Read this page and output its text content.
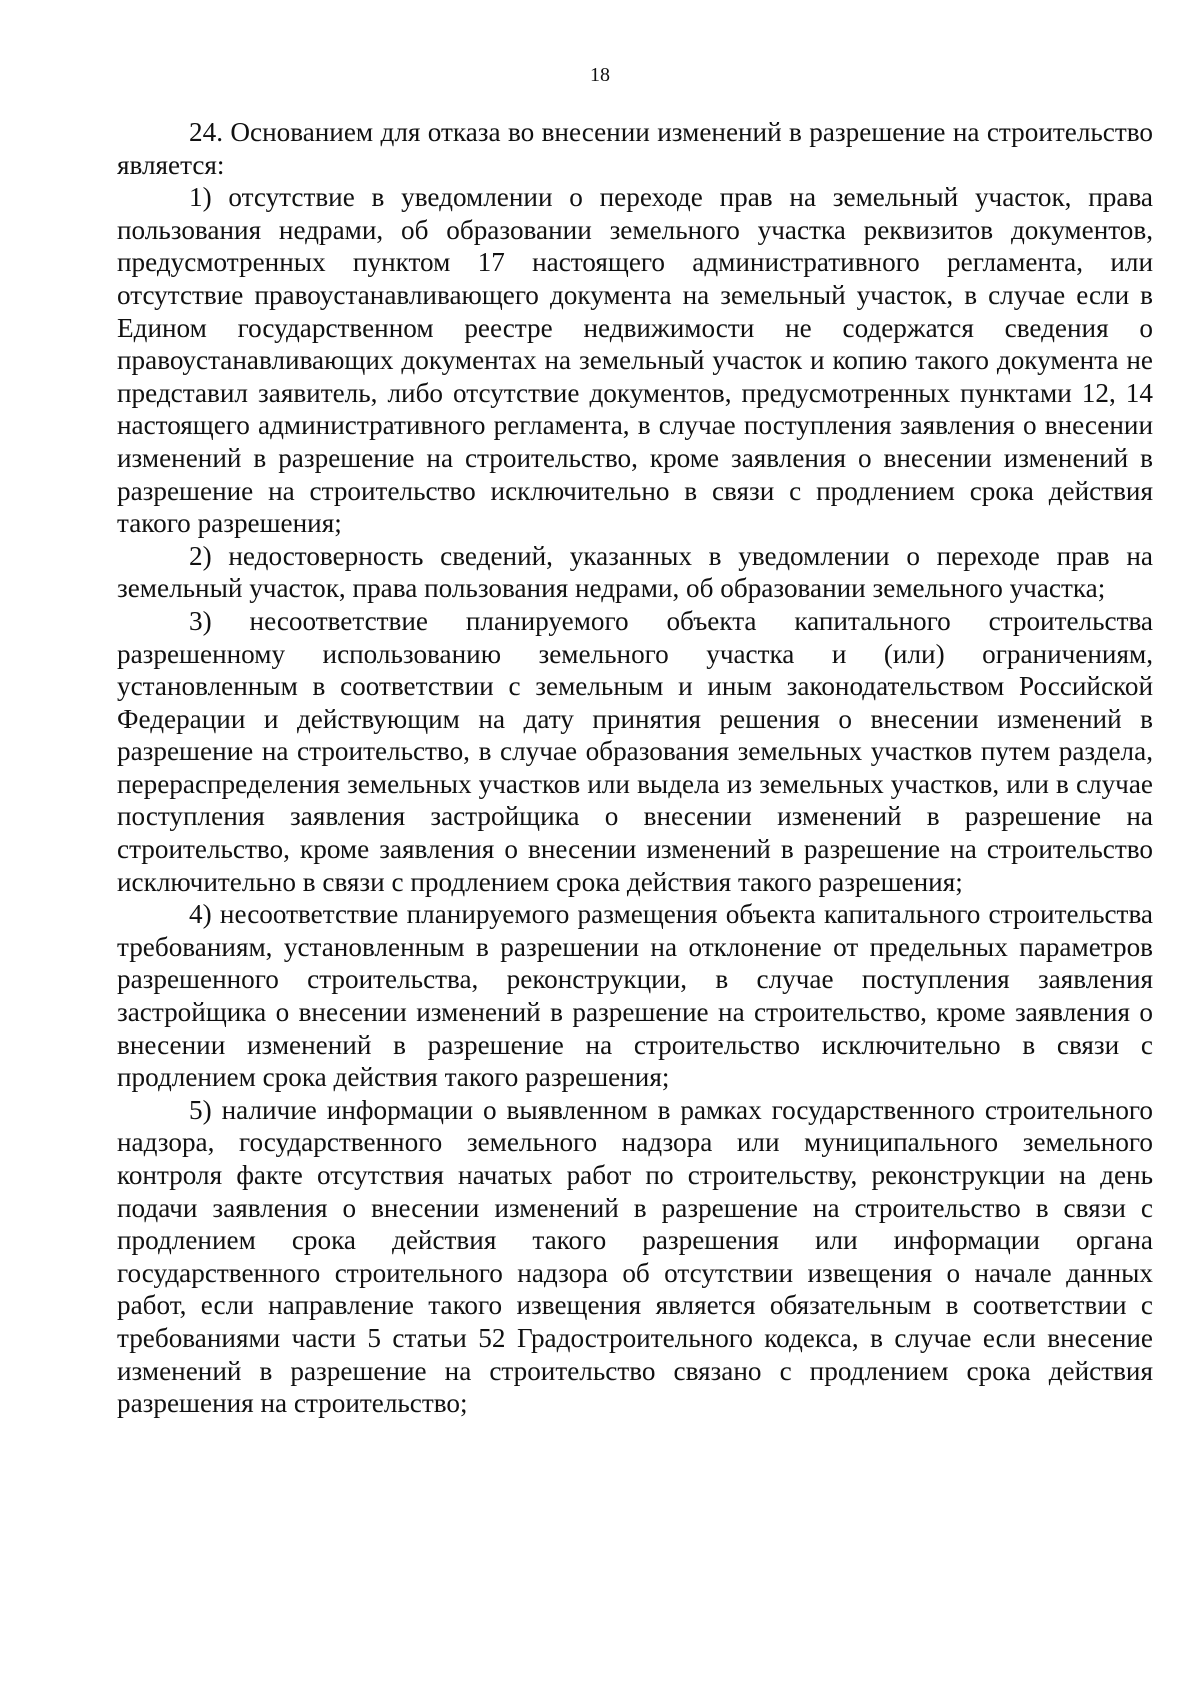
18

24. Основанием для отказа во внесении изменений в разрешение на строительство является:

1) отсутствие в уведомлении о переходе прав на земельный участок, права пользования недрами, об образовании земельного участка реквизитов документов, предусмотренных пунктом 17 настоящего административного регламента, или отсутствие правоустанавливающего документа на земельный участок, в случае если в Едином государственном реестре недвижимости не содержатся сведения о правоустанавливающих документах на земельный участок и копию такого документа не представил заявитель, либо отсутствие документов, предусмотренных пунктами 12, 14 настоящего административного регламента, в случае поступления заявления о внесении изменений в разрешение на строительство, кроме заявления о внесении изменений в разрешение на строительство исключительно в связи с продлением срока действия такого разрешения;

2) недостоверность сведений, указанных в уведомлении о переходе прав на земельный участок, права пользования недрами, об образовании земельного участка;

3) несоответствие планируемого объекта капитального строительства разрешенному использованию земельного участка и (или) ограничениям, установленным в соответствии с земельным и иным законодательством Российской Федерации и действующим на дату принятия решения о внесении изменений в разрешение на строительство, в случае образования земельных участков путем раздела, перераспределения земельных участков или выдела из земельных участков, или в случае поступления заявления застройщика о внесении изменений в разрешение на строительство, кроме заявления о внесении изменений в разрешение на строительство исключительно в связи с продлением срока действия такого разрешения;

4) несоответствие планируемого размещения объекта капитального строительства требованиям, установленным в разрешении на отклонение от предельных параметров разрешенного строительства, реконструкции, в случае поступления заявления застройщика о внесении изменений в разрешение на строительство, кроме заявления о внесении изменений в разрешение на строительство исключительно в связи с продлением срока действия такого разрешения;

5) наличие информации о выявленном в рамках государственного строительного надзора, государственного земельного надзора или муниципального земельного контроля факте отсутствия начатых работ по строительству, реконструкции на день подачи заявления о внесении изменений в разрешение на строительство в связи с продлением срока действия такого разрешения или информации органа государственного строительного надзора об отсутствии извещения о начале данных работ, если направление такого извещения является обязательным в соответствии с требованиями части 5 статьи 52 Градостроительного кодекса, в случае если внесение изменений в разрешение на строительство связано с продлением срока действия разрешения на строительство;
